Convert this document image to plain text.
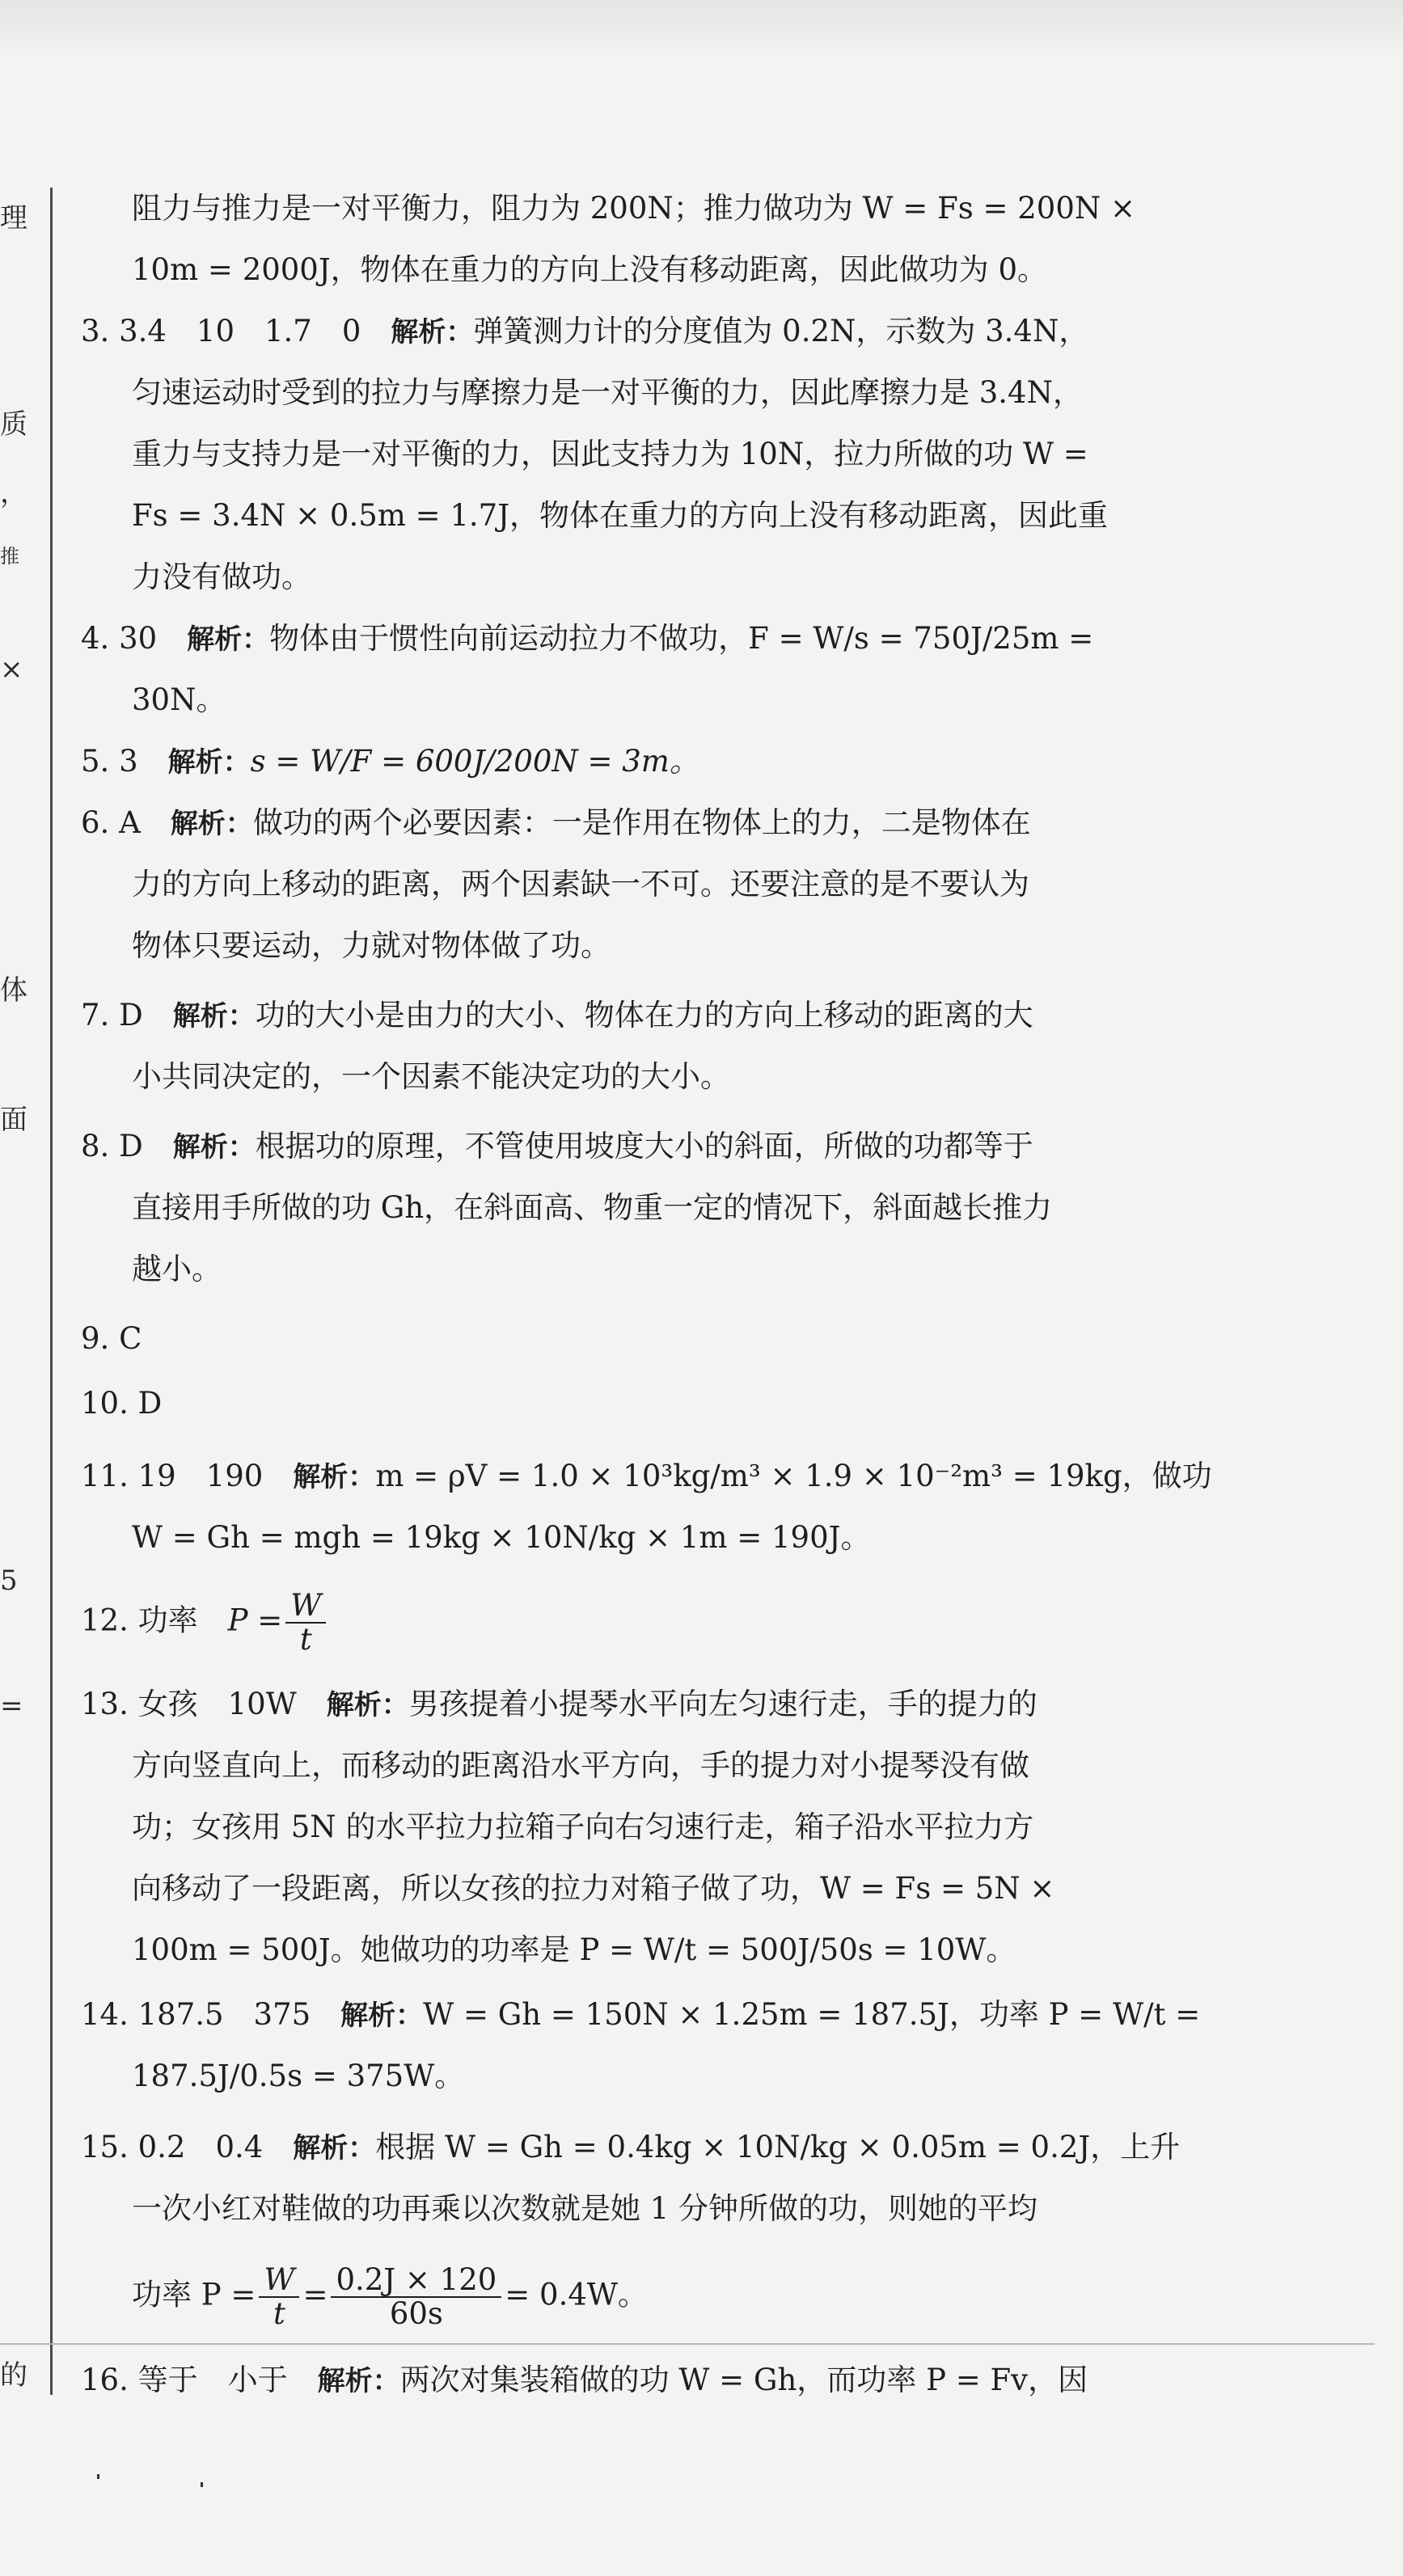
理
质
，
推
×
体
面
5
=
的
阻力与推力是一对平衡力，阻力为 200N；推力做功为 W = Fs = 200N ×
10m = 2000J，物体在重力的方向上没有移动距离，因此做功为 0。
3. 3.4　10　1.7　0　 解析：弹簧测力计的分度值为 0.2N，示数为 3.4N，
匀速运动时受到的拉力与摩擦力是一对平衡的力，因此摩擦力是 3.4N，
重力与支持力是一对平衡的力，因此支持力为 10N，拉力所做的功 W =
Fs = 3.4N × 0.5m = 1.7J，物体在重力的方向上没有移动距离，因此重
力没有做功。
4. 30　 解析：物体由于惯性向前运动拉力不做功，F = W/s = 750J/25m =
30N。
5. 3　 解析：s = W/F = 600J/200N = 3m。
6. A　 解析：做功的两个必要因素：一是作用在物体上的力，二是物体在
力的方向上移动的距离，两个因素缺一不可。还要注意的是不要认为
物体只要运动，力就对物体做了功。
7. D　 解析：功的大小是由力的大小、物体在力的方向上移动的距离的大
小共同决定的，一个因素不能决定功的大小。
8. D　 解析：根据功的原理，不管使用坡度大小的斜面，所做的功都等于
直接用手所做的功 Gh，在斜面高、物重一定的情况下，斜面越长推力
越小。
9. C
10. D
11. 19　190　 解析：m = ρV = 1.0 × 10³kg/m³ × 1.9 × 10⁻²m³ = 19kg，做功
W = Gh = mgh = 19kg × 10N/kg × 1m = 190J。
12. 功率　 $P = \frac{W}{t}$
13. 女孩　10W　 解析：男孩提着小提琴水平向左匀速行走，手的提力的
方向竖直向上，而移动的距离沿水平方向，手的提力对小提琴没有做
功；女孩用 5N 的水平拉力拉箱子向右匀速行走，箱子沿水平拉力方
向移动了一段距离，所以女孩的拉力对箱子做了功，W = Fs = 5N ×
100m = 500J。她做功的功率是 P = W/t = 500J/50s = 10W。
14. 187.5　375　 解析：W = Gh = 150N × 1.25m = 187.5J，功率 P = W/t =
187.5J/0.5s = 375W。
15. 0.2　0.4　 解析：根据 W = Gh = 0.4kg × 10N/kg × 0.05m = 0.2J，上升
一次小红对鞋做的功再乘以次数就是她 1 分钟所做的功，则她的平均
功率 $P = \frac{W}{t} = \frac{0.2J \times 120}{60s} = 0.4W$。
16. 等于　小于　 解析：两次对集装箱做的功 W = Gh，而功率 P = Fv，因
